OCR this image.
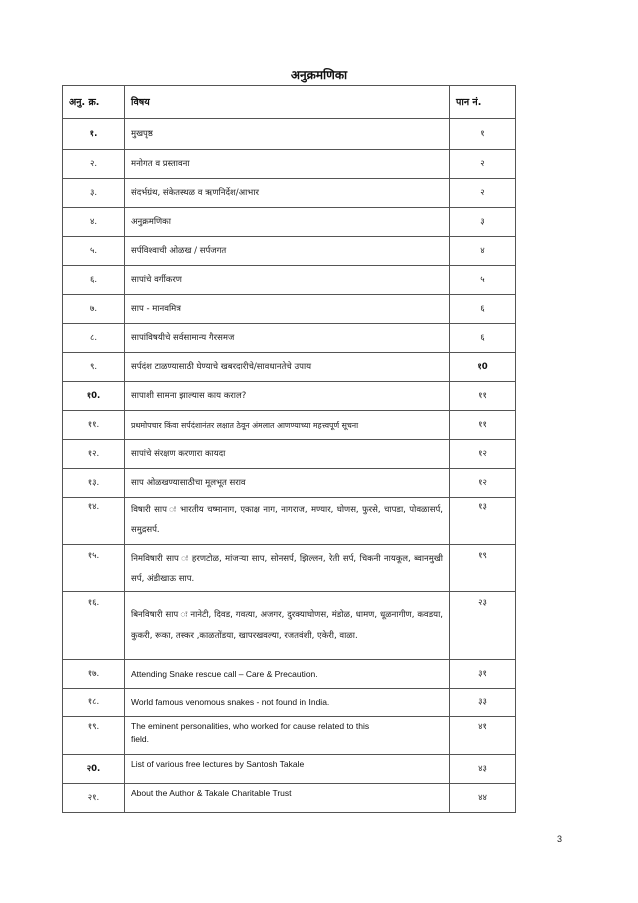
अनुक्रमणिका
अनु. क्र.	विषय	पान नं.
१.	मुखपृष्ठ	१
२.	मनोगत व प्रस्तावना	२
३.	संदर्भग्रंथ, संकेतस्थळ व ऋणनिर्देश/आभार	२
४.	अनुक्रमणिका	३
५.	सर्पविश्वाची ओळख / सर्पजगत	४
६.	सापांचे वर्गीकरण	५
७.	साप - मानवमित्र	६
८.	सापांविषयीचे सर्वसामान्य गैरसमज	६
९.	सर्पदंश टाळण्यासाठी घेण्याचे खबरदारीचे/सावधानतेचे उपाय	१0
१0.	सापाशी सामना झाल्यास काय कराल?	११
११.	प्रथमोपचार किंवा सर्पदंशानंतर लक्षात ठेवून अंमलात आणण्याच्या महत्त्वपूर्ण सूचना	११
१२.	सापांचे संरक्षण करणारा कायदा	१२
१३.	साप ओळखण्यासाठीचा मूलभूत सराव	१२
१४.	विषारी साप ः भारतीय चष्मानाग, एकाक्ष नाग, नागराज, मण्यार, घोणस, फुरसे, चापडा, पोवळासर्प, समुद्रसर्प.	१३
१५.	निमविषारी साप ः हरणटोळ, मांजऱ्या साप, सोनसर्प, झिल्लन, रेती सर्प, चिकनी नायकूल, ब्वानमुखी सर्प, अंडीखाऊ साप.	१९
१६.	बिनविषारी साप ः नानेटी, दिवड, गवत्या, अजगर, दुरक्याघोणस, मंडोळ, धामण, धूळनागीण, कवडया, कुकरी, रूका, तस्कर ,काळतोंडया, खापरखवल्या, रजतवंशी, एकेरी, वाळा.	२३
१७.	Attending Snake rescue call – Care & Precaution.	३१
१८.	World famous venomous snakes - not found in India.	३३
१९.	The eminent personalities, who worked for cause related to this field.	४१
२0.	List of various free lectures by Santosh Takale	४३
२१.	About the Author & Takale Charitable Trust	४४
3
